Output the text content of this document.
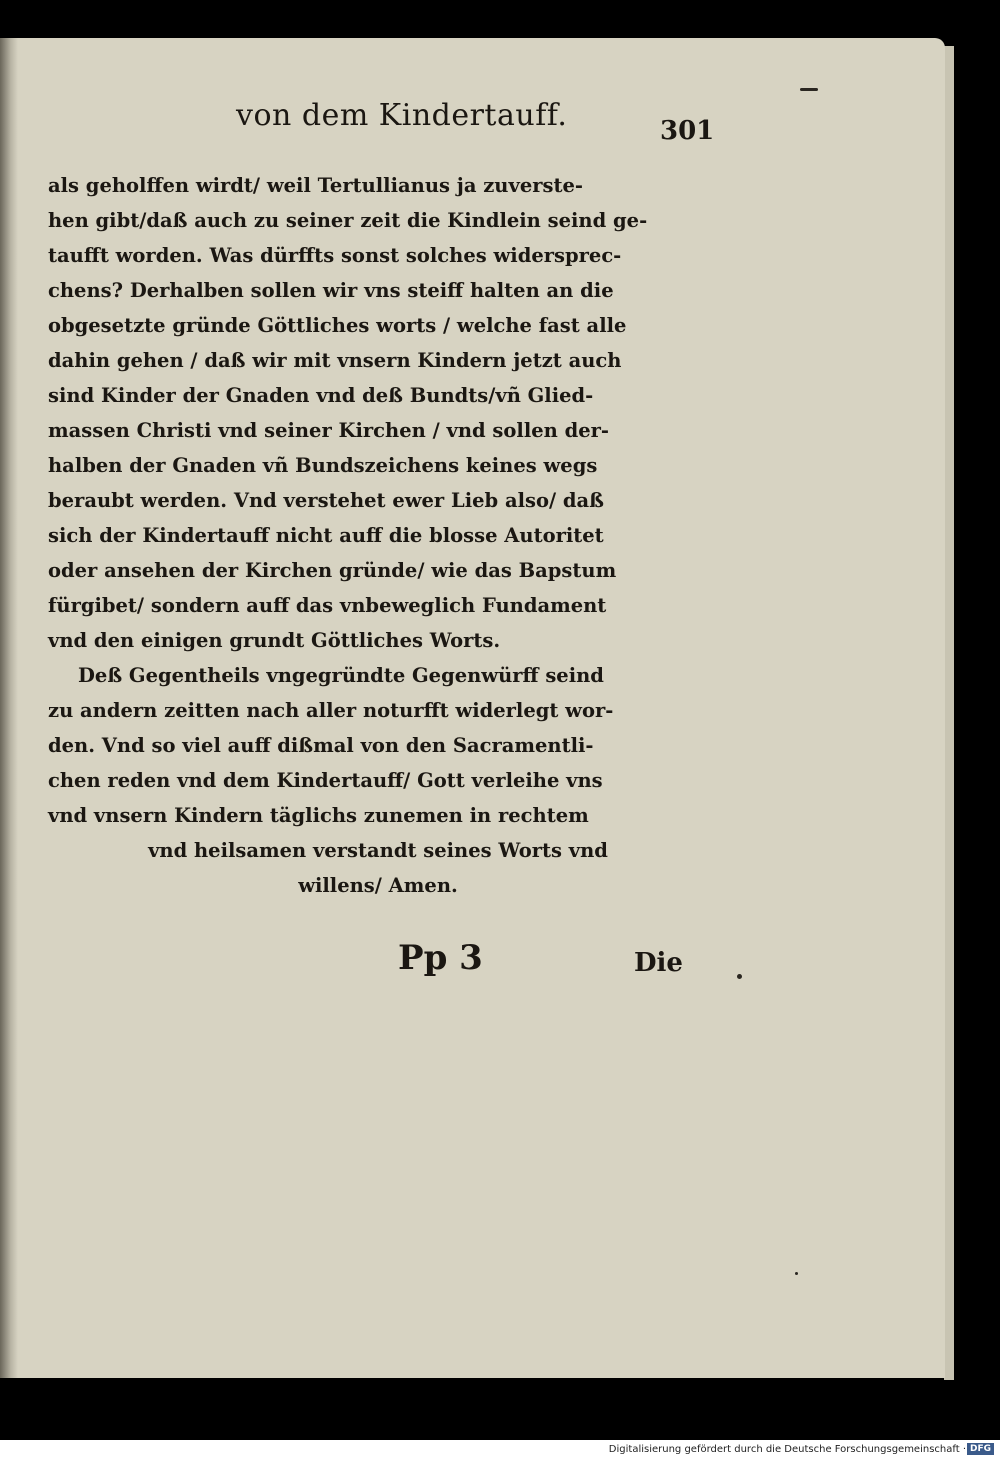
von dem Kindertauff.	301
als geholffen wirdt/ weil Tertullianus ja zuverste-
hen gibt/daß auch zu seiner zeit die Kindlein seind ge-
taufft worden. Was dürffts sonst solches widersprec-
chens? Derhalben sollen wir vns steiff halten an die
obgesetzte gründe Göttliches worts / welche fast alle
dahin gehen / daß wir mit vnsern Kindern jetzt auch
sind Kinder der Gnaden vnd deß Bundts/vñ Glied-
massen Christi vnd seiner Kirchen / vnd sollen der-
halben der Gnaden vñ Bundszeichens keines wegs
beraubt werden. Vnd verstehet ewer Lieb also/ daß
sich der Kindertauff nicht auff die blosse Autoritet
oder ansehen der Kirchen gründe/ wie das Bapstum
fürgibet/ sondern auff das vnbeweglich Fundament
vnd den einigen grundt Göttliches Worts.
Deß Gegentheils vngegründte Gegenwürff seind
zu andern zeitten nach aller noturfft widerlegt wor-
den. Vnd so viel auff dißmal von den Sacramentli-
chen reden vnd dem Kindertauff/ Gott verleihe vns
vnd vnsern Kindern täglichs zunemen in rechtem
vnd heilsamen verstandt seines Worts vnd
willens/ Amen.
Pp 3	Die
Digitalisierung gefördert durch die Deutsche Forschungsgemeinschaft · DFG
